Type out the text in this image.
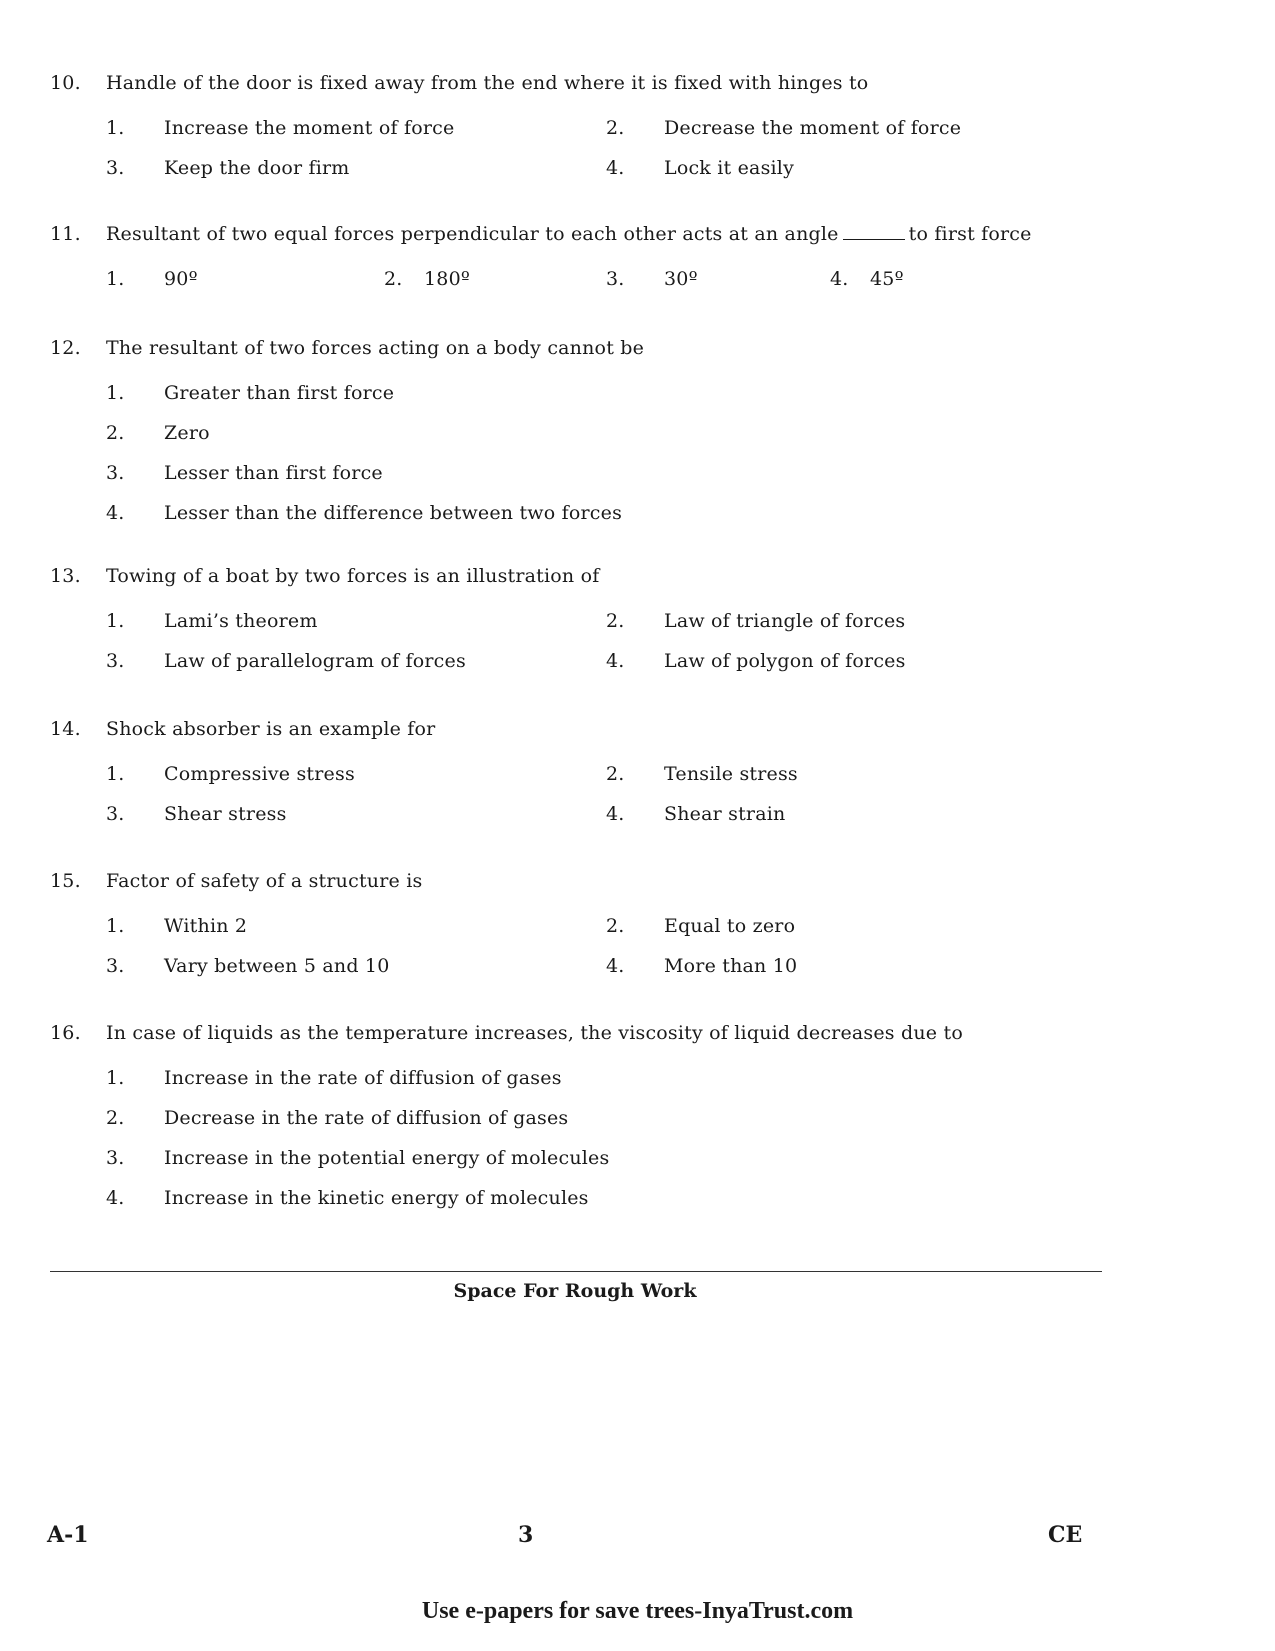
10. Handle of the door is fixed away from the end where it is fixed with hinges to
1. Increase the moment of force	2. Decrease the moment of force
3. Keep the door firm	4. Lock it easily
11. Resultant of two equal forces perpendicular to each other acts at an angle	to first force
1. 90º	2. 180º	3. 30º	4. 45º
12. The resultant of two forces acting on a body cannot be
1. Greater than first force
2. Zero
3. Lesser than first force
4. Lesser than the difference between two forces
13. Towing of a boat by two forces is an illustration of
1. Lami’s theorem	2. Law of triangle of forces
3. Law of parallelogram of forces	4. Law of polygon of forces
14. Shock absorber is an example for
1. Compressive stress	2. Tensile stress
3. Shear stress	4. Shear strain
15. Factor of safety of a structure is
1. Within 2	2. Equal to zero
3. Vary between 5 and 10	4. More than 10
16. In case of liquids as the temperature increases, the viscosity of liquid decreases due to
1. Increase in the rate of diffusion of gases
2. Decrease in the rate of diffusion of gases
3. Increase in the potential energy of molecules
4. Increase in the kinetic energy of molecules
Space For Rough Work
A-1	3	CE
Use e-papers for save trees-InyaTrust.com
